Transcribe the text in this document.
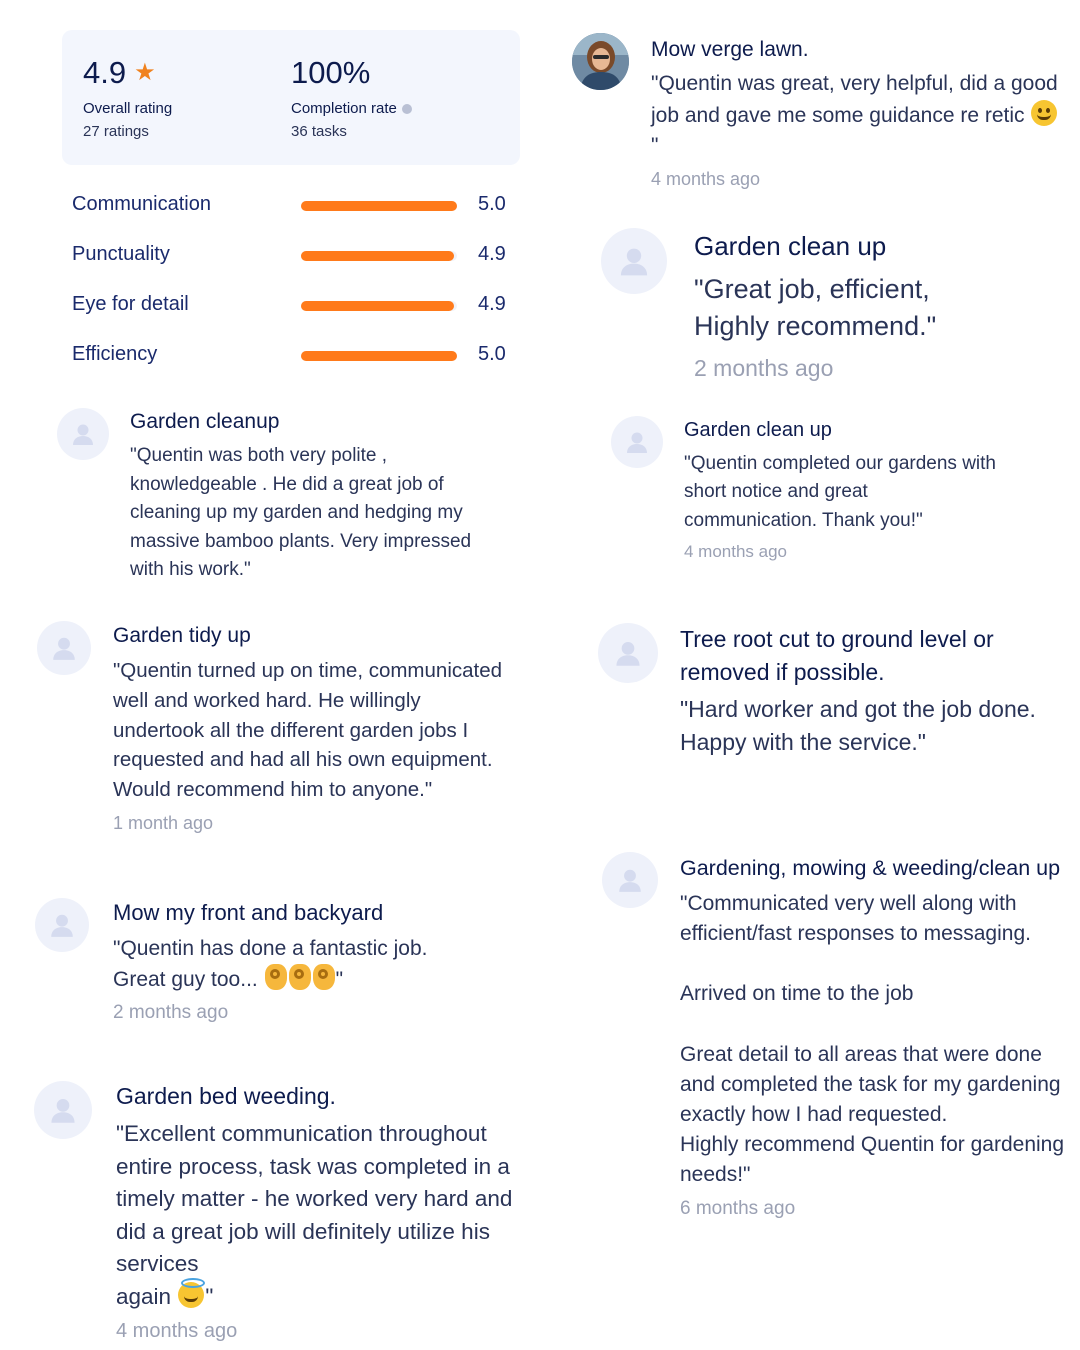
4.9 ★
Overall rating
27 ratings
100%
Completion rate
36 tasks
Communication	5.0
Punctuality	4.9
Eye for detail	4.9
Efficiency	5.0
Garden cleanup
"Quentin was both very polite , knowledgeable . He did a great job of cleaning up my garden and hedging my massive bamboo plants. Very impressed with his work."
Garden tidy up
"Quentin turned up on time, communicated well and worked hard. He willingly undertook all the different garden jobs I requested and had all his own equipment. Would recommend him to anyone."
1 month ago
Mow my front and backyard
"Quentin has done a fantastic job.
Great guy too...	"
2 months ago
Garden bed weeding.
"Excellent communication throughout entire process, task was completed in a timely matter - he worked very hard and did a great job will definitely utilize his services
again "
4 months ago
Mow verge lawn.
"Quentin was great, very helpful, did a good job and gave me some guidance re retic
"
4 months ago
Garden clean up
"Great job, efficient, Highly recommend."
2 months ago
Garden clean up
"Quentin completed our gardens with short notice and great communication. Thank you!"
4 months ago
Tree root cut to ground level or removed if possible.
"Hard worker and got the job done. Happy with the service."
Gardening, mowing & weeding/clean up
"Communicated very well along with efficient/fast responses to messaging.
Arrived on time to the job
Great detail to all areas that were done and completed the task for my gardening exactly how I had requested.
Highly recommend Quentin for gardening needs!"
6 months ago
